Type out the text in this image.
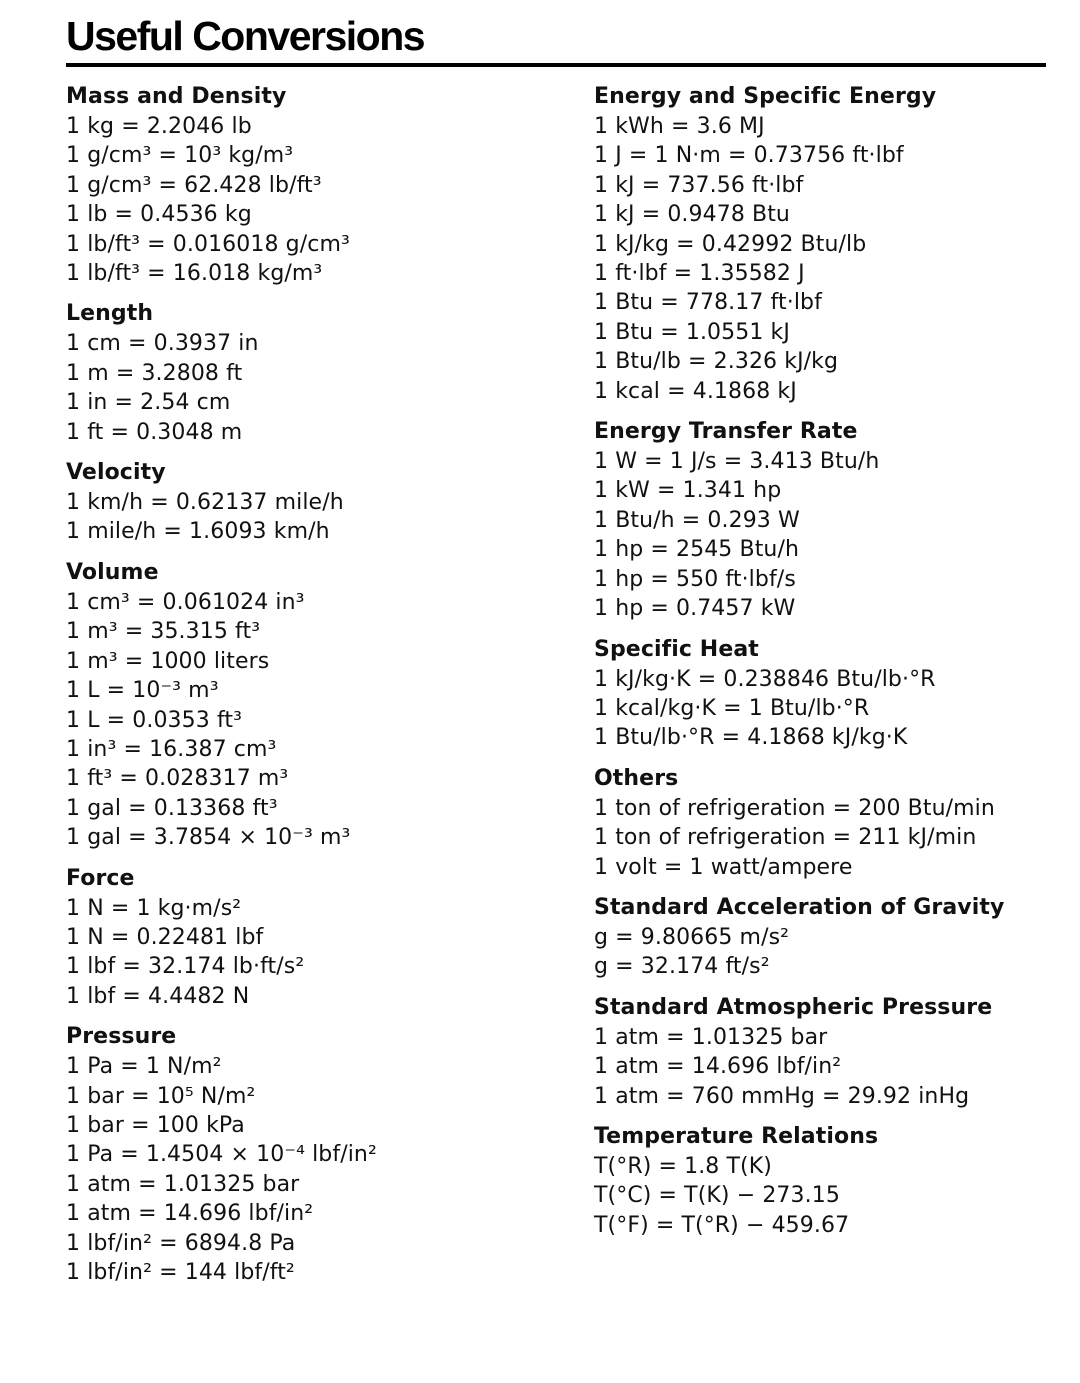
Useful Conversions
Mass and Density
1 kg = 2.2046 lb
1 g/cm³ = 10³ kg/m³
1 g/cm³ = 62.428 lb/ft³
1 lb = 0.4536 kg
1 lb/ft³ = 0.016018 g/cm³
1 lb/ft³ = 16.018 kg/m³
Length
1 cm = 0.3937 in
1 m = 3.2808 ft
1 in = 2.54 cm
1 ft = 0.3048 m
Velocity
1 km/h = 0.62137 mile/h
1 mile/h = 1.6093 km/h
Volume
1 cm³ = 0.061024 in³
1 m³ = 35.315 ft³
1 m³ = 1000 liters
1 L = 10⁻³ m³
1 L = 0.0353 ft³
1 in³ = 16.387 cm³
1 ft³ = 0.028317 m³
1 gal = 0.13368 ft³
1 gal = 3.7854 × 10⁻³ m³
Force
1 N = 1 kg·m/s²
1 N = 0.22481 lbf
1 lbf = 32.174 lb·ft/s²
1 lbf = 4.4482 N
Pressure
1 Pa = 1 N/m²
1 bar = 10⁵ N/m²
1 bar = 100 kPa
1 Pa = 1.4504 × 10⁻⁴ lbf/in²
1 atm = 1.01325 bar
1 atm = 14.696 lbf/in²
1 lbf/in² = 6894.8 Pa
1 lbf/in² = 144 lbf/ft²
Energy and Specific Energy
1 kWh = 3.6 MJ
1 J = 1 N·m = 0.73756 ft·lbf
1 kJ = 737.56 ft·lbf
1 kJ = 0.9478 Btu
1 kJ/kg = 0.42992 Btu/lb
1 ft·lbf = 1.35582 J
1 Btu = 778.17 ft·lbf
1 Btu = 1.0551 kJ
1 Btu/lb = 2.326 kJ/kg
1 kcal = 4.1868 kJ
Energy Transfer Rate
1 W = 1 J/s = 3.413 Btu/h
1 kW = 1.341 hp
1 Btu/h = 0.293 W
1 hp = 2545 Btu/h
1 hp = 550 ft·lbf/s
1 hp = 0.7457 kW
Specific Heat
1 kJ/kg·K = 0.238846 Btu/lb·°R
1 kcal/kg·K = 1 Btu/lb·°R
1 Btu/lb·°R = 4.1868 kJ/kg·K
Others
1 ton of refrigeration = 200 Btu/min
1 ton of refrigeration = 211 kJ/min
1 volt = 1 watt/ampere
Standard Acceleration of Gravity
g = 9.80665 m/s²
g = 32.174 ft/s²
Standard Atmospheric Pressure
1 atm = 1.01325 bar
1 atm = 14.696 lbf/in²
1 atm = 760 mmHg = 29.92 inHg
Temperature Relations
T(°R) = 1.8 T(K)
T(°C) = T(K) − 273.15
T(°F) = T(°R) − 459.67
